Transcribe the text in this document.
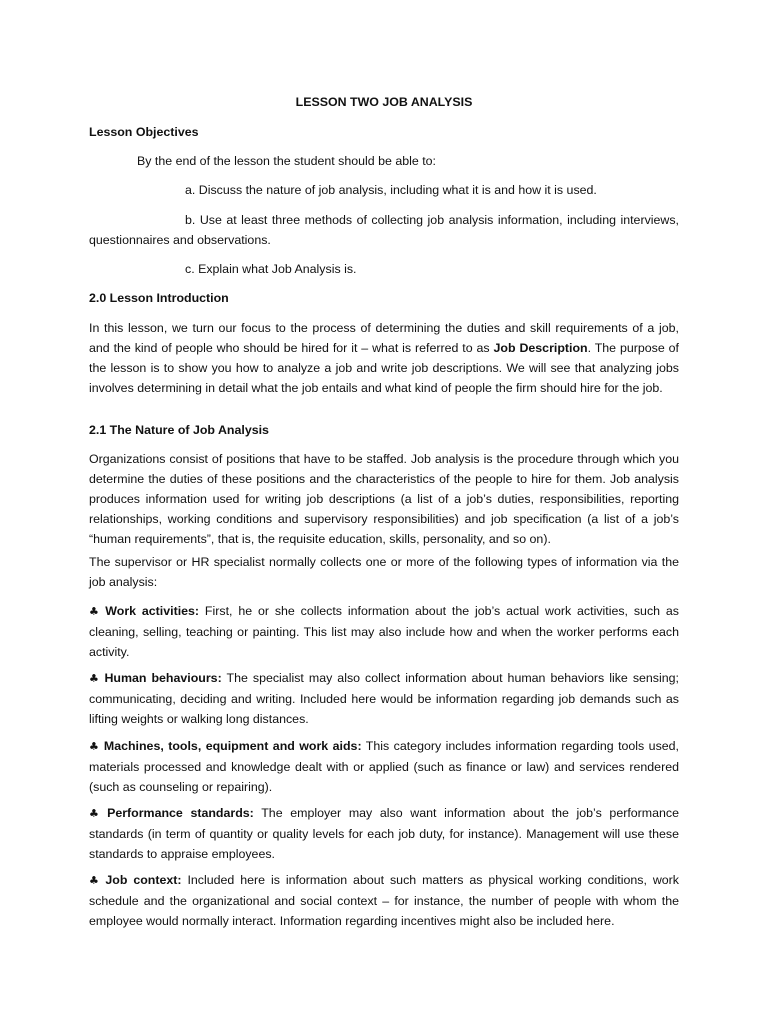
LESSON TWO JOB ANALYSIS

Lesson Objectives

By the end of the lesson the student should be able to:

a. Discuss the nature of job analysis, including what it is and how it is used.

b. Use at least three methods of collecting job analysis information, including interviews, questionnaires and observations.

c. Explain what Job Analysis is.

2.0 Lesson Introduction

In this lesson, we turn our focus to the process of determining the duties and skill requirements of a job, and the kind of people who should be hired for it – what is referred to as Job Description. The purpose of the lesson is to show you how to analyze a job and write job descriptions. We will see that analyzing jobs involves determining in detail what the job entails and what kind of people the firm should hire for the job.

2.1 The Nature of Job Analysis

Organizations consist of positions that have to be staffed. Job analysis is the procedure through which you determine the duties of these positions and the characteristics of the people to hire for them. Job analysis produces information used for writing job descriptions (a list of a job’s duties, responsibilities, reporting relationships, working conditions and supervisory responsibilities) and job specification (a list of a job’s “human requirements”, that is, the requisite education, skills, personality, and so on).

The supervisor or HR specialist normally collects one or more of the following types of information via the job analysis:

♣ Work activities: First, he or she collects information about the job’s actual work activities, such as cleaning, selling, teaching or painting. This list may also include how and when the worker performs each activity.

♣ Human behaviours: The specialist may also collect information about human behaviors like sensing; communicating, deciding and writing. Included here would be information regarding job demands such as lifting weights or walking long distances.

♣ Machines, tools, equipment and work aids: This category includes information regarding tools used, materials processed and knowledge dealt with or applied (such as finance or law) and services rendered (such as counseling or repairing).

♣ Performance standards: The employer may also want information about the job’s performance standards (in term of quantity or quality levels for each job duty, for instance). Management will use these standards to appraise employees.

♣ Job context: Included here is information about such matters as physical working conditions, work schedule and the organizational and social context – for instance, the number of people with whom the employee would normally interact. Information regarding incentives might also be included here.
